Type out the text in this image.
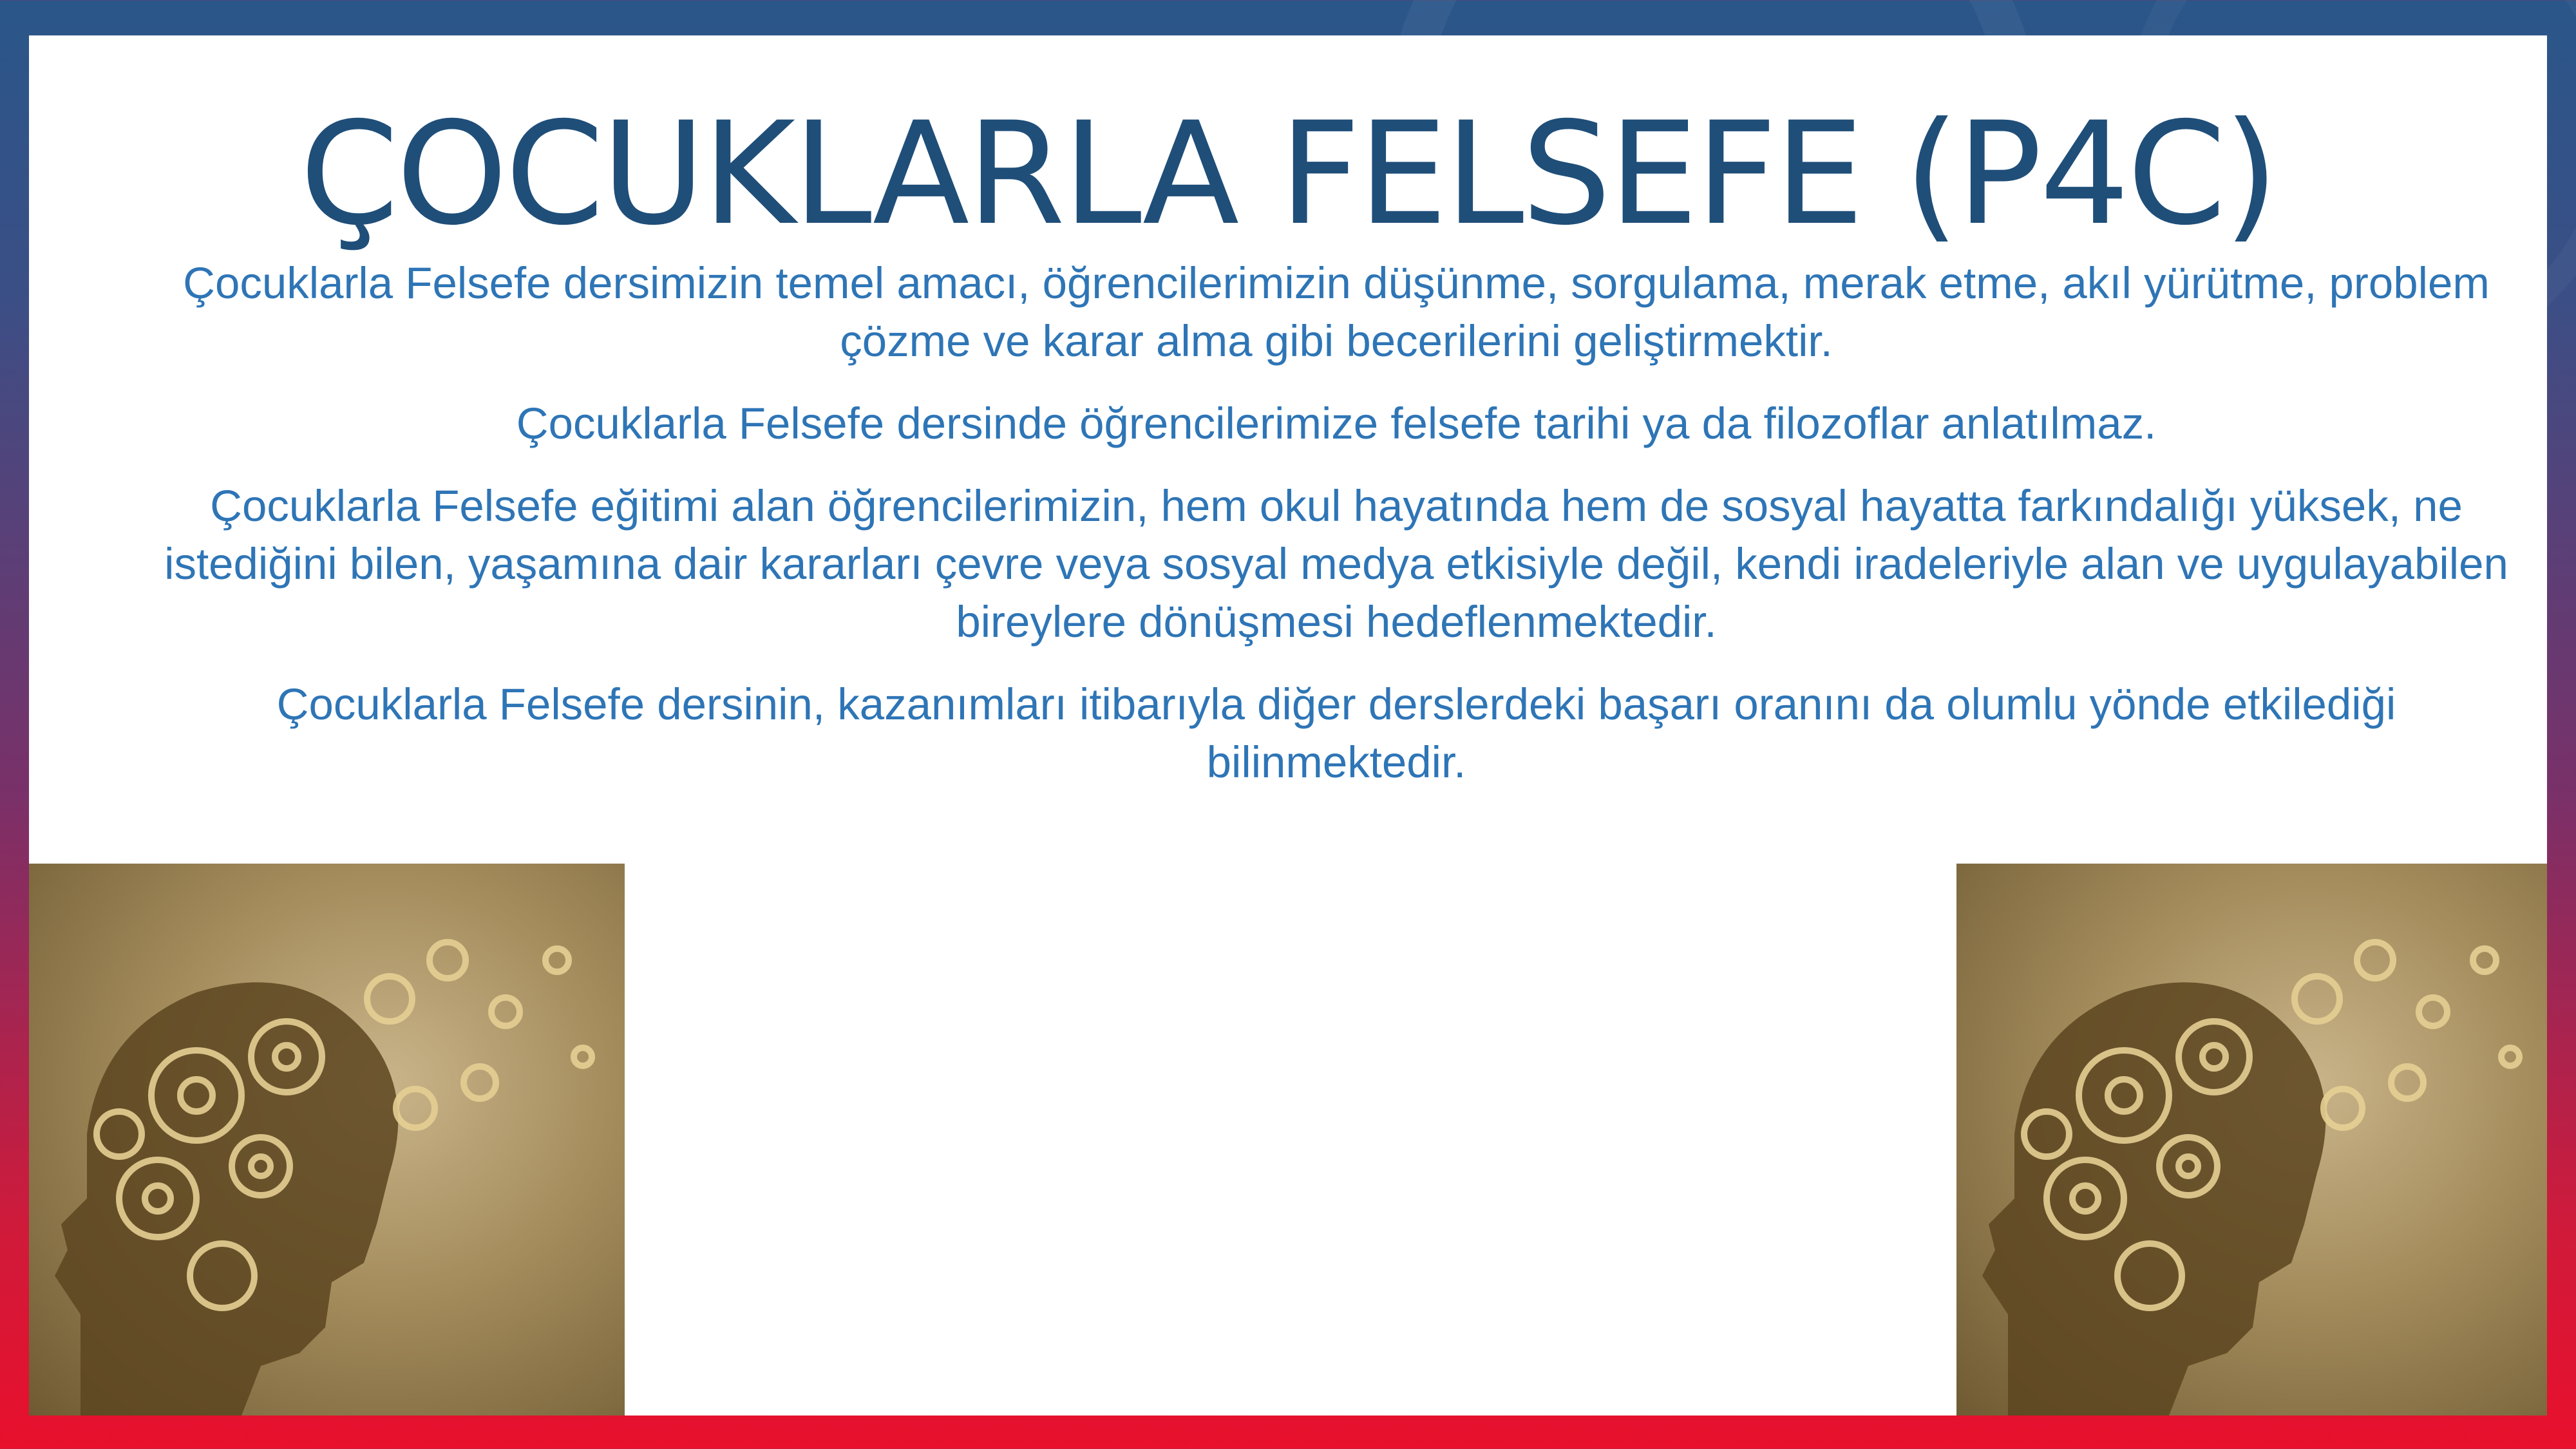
ÇOCUKLARLA FELSEFE (P4C)

Çocuklarla Felsefe dersimizin temel amacı, öğrencilerimizin düşünme, sorgulama, merak etme, akıl yürütme, problem çözme ve karar alma gibi becerilerini geliştirmektir.

Çocuklarla Felsefe dersinde öğrencilerimize felsefe tarihi ya da filozoflar anlatılmaz.

Çocuklarla Felsefe eğitimi alan öğrencilerimizin, hem okul hayatında hem de sosyal hayatta farkındalığı yüksek, ne istediğini bilen, yaşamına dair kararları çevre veya sosyal medya etkisiyle değil, kendi iradeleriyle alan ve uygulayabilen bireylere dönüşmesi hedeflenmektedir.

Çocuklarla Felsefe dersinin, kazanımları itibarıyla diğer derslerdeki başarı oranını da olumlu yönde etkilediği bilinmektedir.
